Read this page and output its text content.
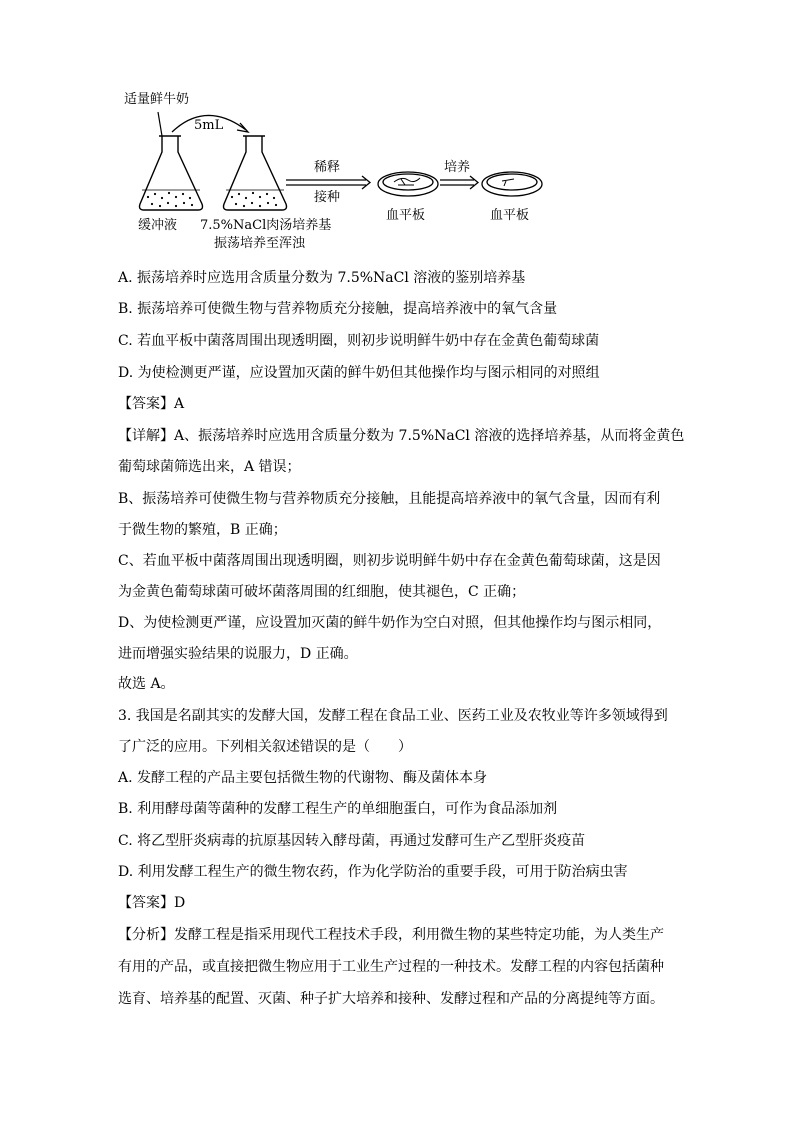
适量鲜牛奶
5mL
稀释
接种
培养
缓冲液 7.5%NaCl肉汤培养基
振荡培养至浑浊
血平板	血平板
A. 振荡培养时应选用含质量分数为 7.5%NaCl 溶液的鉴别培养基
B. 振荡培养可使微生物与营养物质充分接触，提高培养液中的氧气含量
C. 若血平板中菌落周围出现透明圈，则初步说明鲜牛奶中存在金黄色葡萄球菌
D. 为使检测更严谨，应设置加灭菌的鲜牛奶但其他操作均与图示相同的对照组
【答案】A
【详解】A、振荡培养时应选用含质量分数为 7.5%NaCl 溶液的选择培养基，从而将金黄色
葡萄球菌筛选出来，A 错误；
B、振荡培养可使微生物与营养物质充分接触，且能提高培养液中的氧气含量，因而有利
于微生物的繁殖，B 正确；
C、若血平板中菌落周围出现透明圈，则初步说明鲜牛奶中存在金黄色葡萄球菌，这是因
为金黄色葡萄球菌可破坏菌落周围的红细胞，使其褪色，C 正确；
D、为使检测更严谨，应设置加灭菌的鲜牛奶作为空白对照，但其他操作均与图示相同，
进而增强实验结果的说服力，D 正确。
故选 A。
3. 我国是名副其实的发酵大国，发酵工程在食品工业、医药工业及农牧业等许多领域得到
了广泛的应用。下列相关叙述错误的是（　　）
A. 发酵工程的产品主要包括微生物的代谢物、酶及菌体本身
B. 利用酵母菌等菌种的发酵工程生产的单细胞蛋白，可作为食品添加剂
C. 将乙型肝炎病毒的抗原基因转入酵母菌，再通过发酵可生产乙型肝炎疫苗
D. 利用发酵工程生产的微生物农药，作为化学防治的重要手段，可用于防治病虫害
【答案】D
【分析】发酵工程是指采用现代工程技术手段，利用微生物的某些特定功能，为人类生产
有用的产品，或直接把微生物应用于工业生产过程的一种技术。发酵工程的内容包括菌种
选育、培养基的配置、灭菌、种子扩大培养和接种、发酵过程和产品的分离提纯等方面。
